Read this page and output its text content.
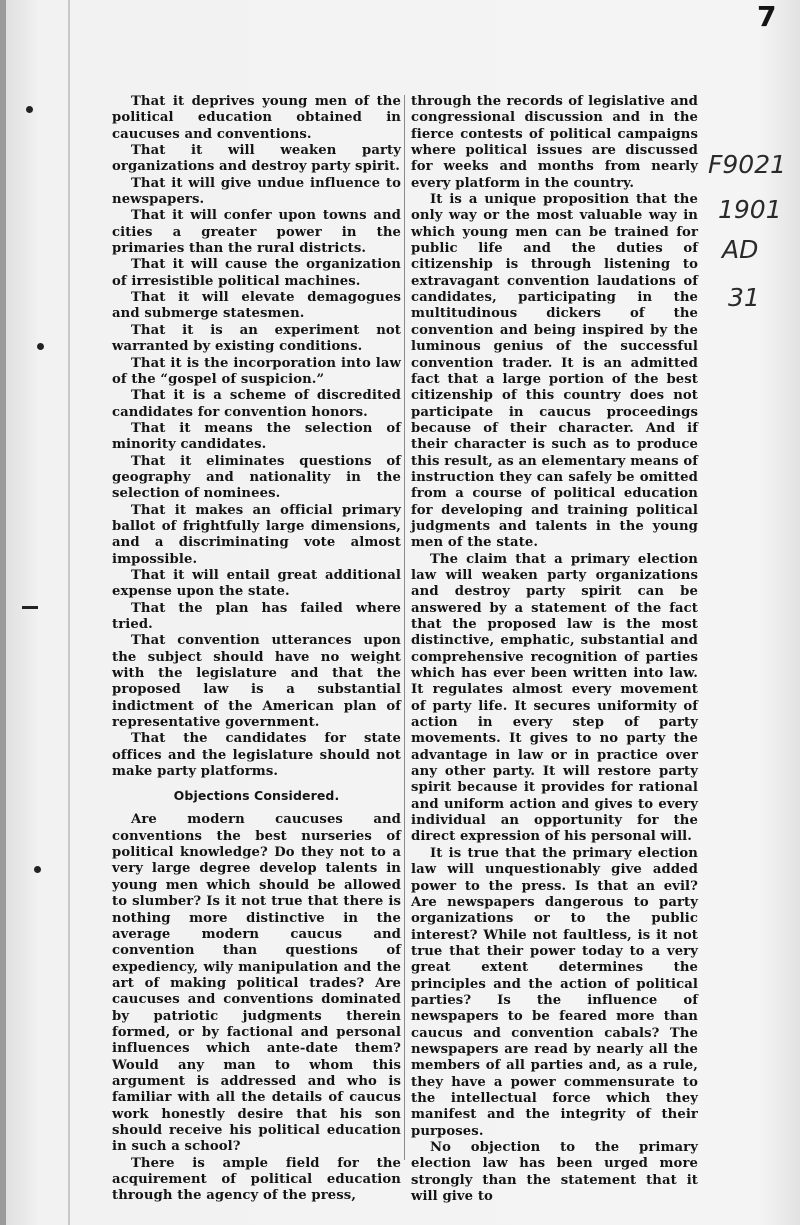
7
F9021
1901
AD
31

That it deprives young men of the political education obtained in caucuses and conventions.

That it will weaken party organizations and destroy party spirit.

That it will give undue influence to newspapers.

That it will confer upon towns and cities a greater power in the primaries than the rural districts.

That it will cause the organization of irresistible political machines.

That it will elevate demagogues and submerge statesmen.

That it is an experiment not warranted by existing conditions.

That it is the incorporation into law of the “gospel of suspicion.”

That it is a scheme of discredited candidates for convention honors.

That it means the selection of minority candidates.

That it eliminates questions of geography and nationality in the selection of nominees.

That it makes an official primary ballot of frightfully large dimensions, and a discriminating vote almost impossible.

That it will entail great additional expense upon the state.

That the plan has failed where tried.

That convention utterances upon the subject should have no weight with the legislature and that the proposed law is a substantial indictment of the American plan of representative government.

That the candidates for state offices and the legislature should not make party platforms.

Objections Considered.

Are modern caucuses and conventions the best nurseries of political knowledge? Do they not to a very large degree develop talents in young men which should be allowed to slumber? Is it not true that there is nothing more distinctive in the average modern caucus and convention than questions of expediency, wily manipulation and the art of making political trades? Are caucuses and conventions dominated by patriotic judgments therein formed, or by factional and personal influences which ante-date them? Would any man to whom this argument is addressed and who is familiar with all the details of caucus work honestly desire that his son should receive his political education in such a school?

There is ample field for the acquirement of political education through the agency of the press,

through the records of legislative and congressional discussion and in the fierce contests of political campaigns where political issues are discussed for weeks and months from nearly every platform in the country.

It is a unique proposition that the only way or the most valuable way in which young men can be trained for public life and the duties of citizenship is through listening to extravagant convention laudations of candidates, participating in the multitudinous dickers of the convention and being inspired by the luminous genius of the successful convention trader. It is an admitted fact that a large portion of the best citizenship of this country does not participate in caucus proceedings because of their character. And if their character is such as to produce this result, as an elementary means of instruction they can safely be omitted from a course of political education for developing and training political judgments and talents in the young men of the state.

The claim that a primary election law will weaken party organizations and destroy party spirit can be answered by a statement of the fact that the proposed law is the most distinctive, emphatic, substantial and comprehensive recognition of parties which has ever been written into law. It regulates almost every movement of party life. It secures uniformity of action in every step of party movements. It gives to no party the advantage in law or in practice over any other party. It will restore party spirit because it provides for rational and uniform action and gives to every individual an opportunity for the direct expression of his personal will.

It is true that the primary election law will unquestionably give added power to the press. Is that an evil? Are newspapers dangerous to party organizations or to the public interest? While not faultless, is it not true that their power today to a very great extent determines the principles and the action of political parties? Is the influence of newspapers to be feared more than caucus and convention cabals? The newspapers are read by nearly all the members of all parties and, as a rule, they have a power commensurate to the intellectual force which they manifest and the integrity of their purposes.

No objection to the primary election law has been urged more strongly than the statement that it will give to
